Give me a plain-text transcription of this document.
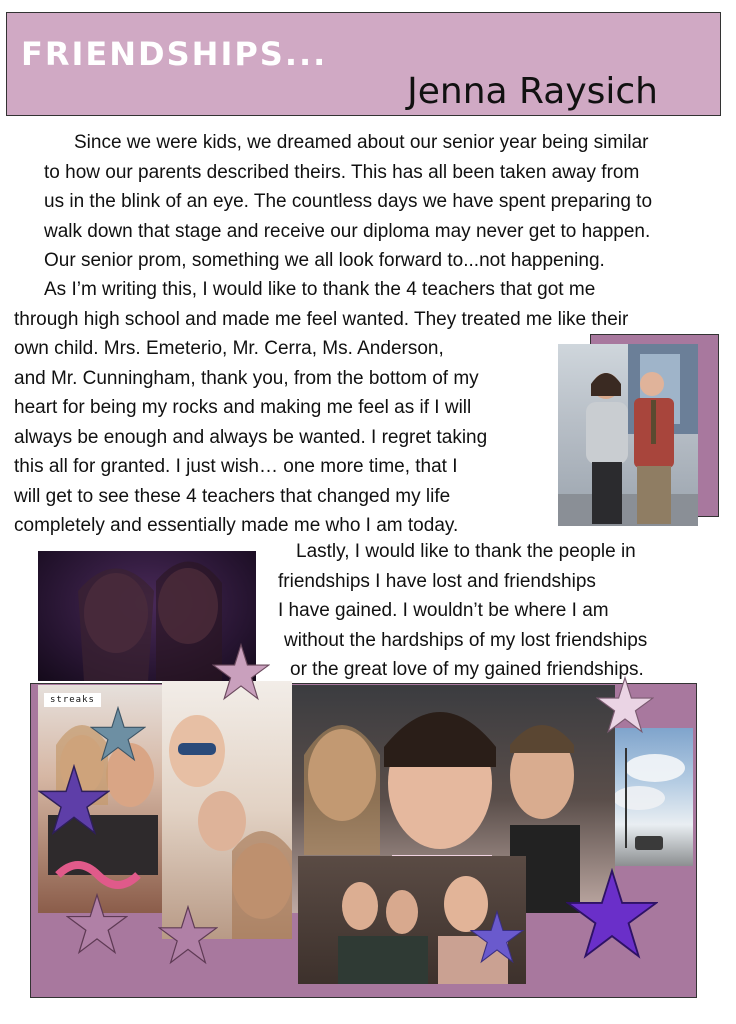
FRIENDSHIPS...
Jenna Raysich
Since we were kids, we dreamed about our senior year being similar
to how our parents described theirs. This has all been taken away from
us in the blink of an eye. The countless days we have spent preparing to
walk down that stage and receive our diploma may never get to happen.
Our senior prom, something we all look forward to...not happening.
As I’m writing this, I would like to thank the 4 teachers that got me
through high school and made me feel wanted. They treated me like their
own child. Mrs. Emeterio, Mr. Cerra, Ms. Anderson,
and Mr. Cunningham, thank you, from the bottom of my
heart for being my rocks and making me feel as if I will
always be enough and always be wanted. I regret taking
this all for granted. I just wish… one more time, that I
will get to see these 4 teachers that changed my life
completely and essentially made me who I am today.
Lastly, I would like to thank the people in
friendships I have lost and friendships
I have gained. I wouldn’t be where I am
without the hardships of my lost friendships
or the great love of my gained friendships.
streaks
